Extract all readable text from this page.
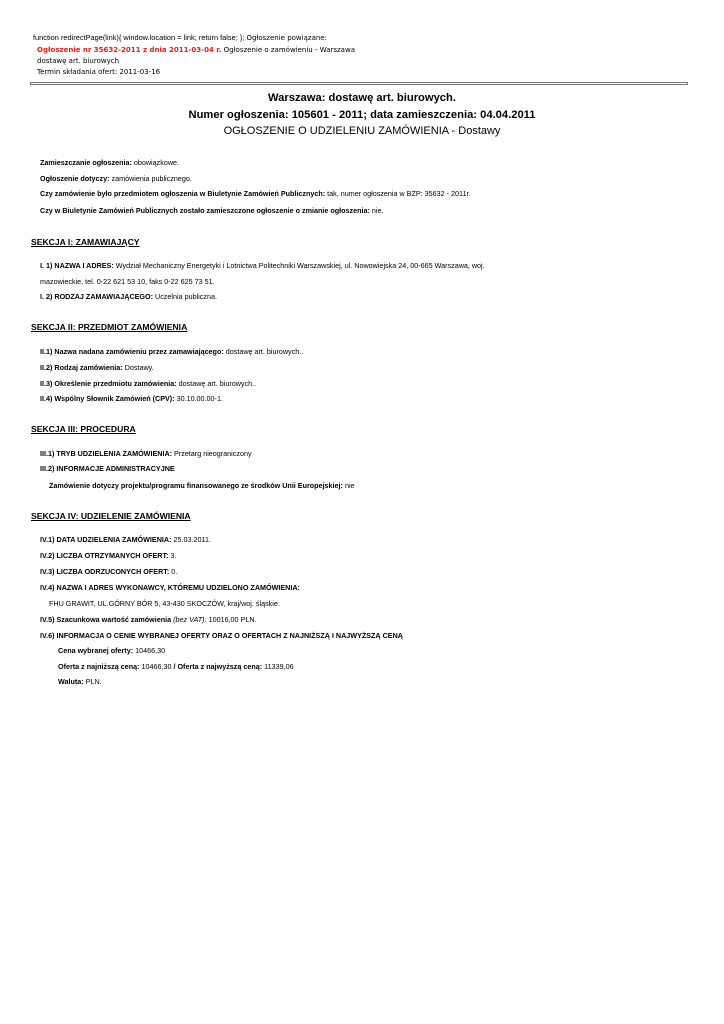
function redirectPage(link){ window.location = link; return false; }; Ogłoszenie powiązane:
Ogłoszenie nr 35632-2011 z dnia 2011-03-04 r. Ogłoszenie o zamówieniu - Warszawa
dostawę art. biurowych
Termin składania ofert: 2011-03-16
Warszawa: dostawę art. biurowych.
Numer ogłoszenia: 105601 - 2011; data zamieszczenia: 04.04.2011
OGŁOSZENIE O UDZIELENIU ZAMÓWIENIA - Dostawy
Zamieszczanie ogłoszenia: obowiązkowe.
Ogłoszenie dotyczy: zamówienia publicznego.
Czy zamówienie było przedmiotem ogłoszenia w Biuletynie Zamówień Publicznych: tak, numer ogłoszenia w BZP: 35632 - 2011r.
Czy w Biuletynie Zamówień Publicznych zostało zamieszczone ogłoszenie o zmianie ogłoszenia: nie.
SEKCJA I: ZAMAWIAJĄCY
I. 1) NAZWA I ADRES: Wydział Mechaniczny Energetyki i Lotnictwa Politechniki Warszawskiej, ul. Nowowiejska 24, 00-665 Warszawa, woj.
mazowieckie, tel. 0-22 621 53 10, faks 0-22 625 73 51.
I. 2) RODZAJ ZAMAWIAJĄCEGO: Uczelnia publiczna.
SEKCJA II: PRZEDMIOT ZAMÓWIENIA
II.1) Nazwa nadana zamówieniu przez zamawiającego: dostawę art. biurowych..
II.2) Rodzaj zamówienia: Dostawy.
II.3) Określenie przedmiotu zamówienia: dostawę art. biurowych..
II.4) Wspólny Słownik Zamówień (CPV): 30.10.00.00-1.
SEKCJA III: PROCEDURA
III.1) TRYB UDZIELENIA ZAMÓWIENIA: Przetarg nieograniczony
III.2) INFORMACJE ADMINISTRACYJNE
Zamówienie dotyczy projektu/programu finansowanego ze środków Unii Europejskiej: nie
SEKCJA IV: UDZIELENIE ZAMÓWIENIA
IV.1) DATA UDZIELENIA ZAMÓWIENIA: 25.03.2011.
IV.2) LICZBA OTRZYMANYCH OFERT: 3.
IV.3) LICZBA ODRZUCONYCH OFERT: 0.
IV.4) NAZWA I ADRES WYKONAWCY, KTÓREMU UDZIELONO ZAMÓWIENIA:
FHU GRAWIT, UL.GÓRNY BÓR 5, 43-430 SKOCZÓW, kraj/woj. śląskie.
IV.5) Szacunkowa wartość zamówienia (bez VAT): 10016,00 PLN.
IV.6) INFORMACJA O CENIE WYBRANEJ OFERTY ORAZ O OFERTACH Z NAJNIŻSZĄ I NAJWYŻSZĄ CENĄ
Cena wybranej oferty: 10466,30
Oferta z najniższą ceną: 10466,30 / Oferta z najwyższą ceną: 11339,06
Waluta: PLN.
